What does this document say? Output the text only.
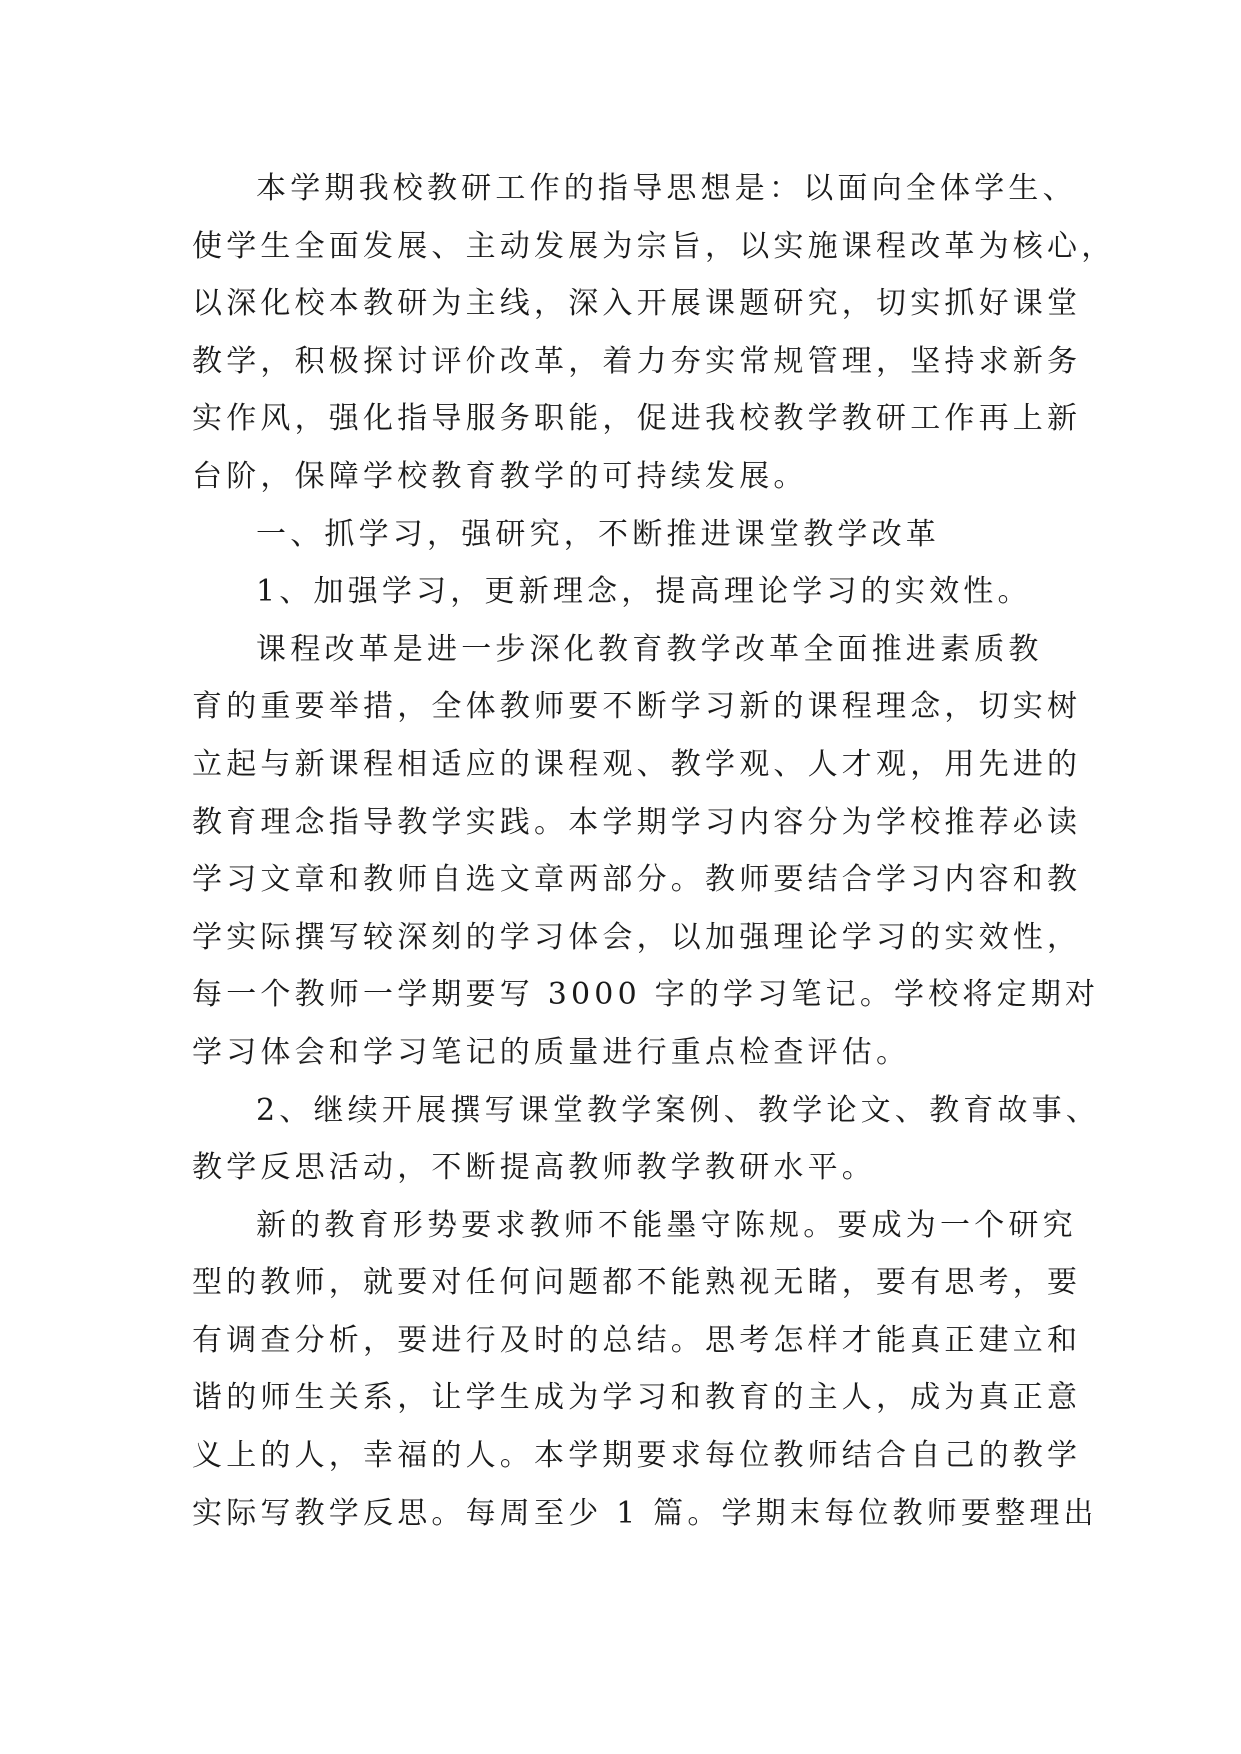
本学期我校教研工作的指导思想是：以面向全体学生、
使学生全面发展、主动发展为宗旨，以实施课程改革为核心，
以深化校本教研为主线，深入开展课题研究，切实抓好课堂
教学，积极探讨评价改革，着力夯实常规管理，坚持求新务
实作风，强化指导服务职能，促进我校教学教研工作再上新
台阶，保障学校教育教学的可持续发展。
一、抓学习，强研究，不断推进课堂教学改革
1、加强学习，更新理念，提高理论学习的实效性。
课程改革是进一步深化教育教学改革全面推进素质教
育的重要举措，全体教师要不断学习新的课程理念，切实树
立起与新课程相适应的课程观、教学观、人才观，用先进的
教育理念指导教学实践。本学期学习内容分为学校推荐必读
学习文章和教师自选文章两部分。教师要结合学习内容和教
学实际撰写较深刻的学习体会，以加强理论学习的实效性，
每一个教师一学期要写 3000 字的学习笔记。学校将定期对
学习体会和学习笔记的质量进行重点检查评估。
2、继续开展撰写课堂教学案例、教学论文、教育故事、
教学反思活动，不断提高教师教学教研水平。
新的教育形势要求教师不能墨守陈规。要成为一个研究
型的教师，就要对任何问题都不能熟视无睹，要有思考，要
有调查分析，要进行及时的总结。思考怎样才能真正建立和
谐的师生关系，让学生成为学习和教育的主人，成为真正意
义上的人，幸福的人。本学期要求每位教师结合自己的教学
实际写教学反思。每周至少 1 篇。学期末每位教师要整理出
